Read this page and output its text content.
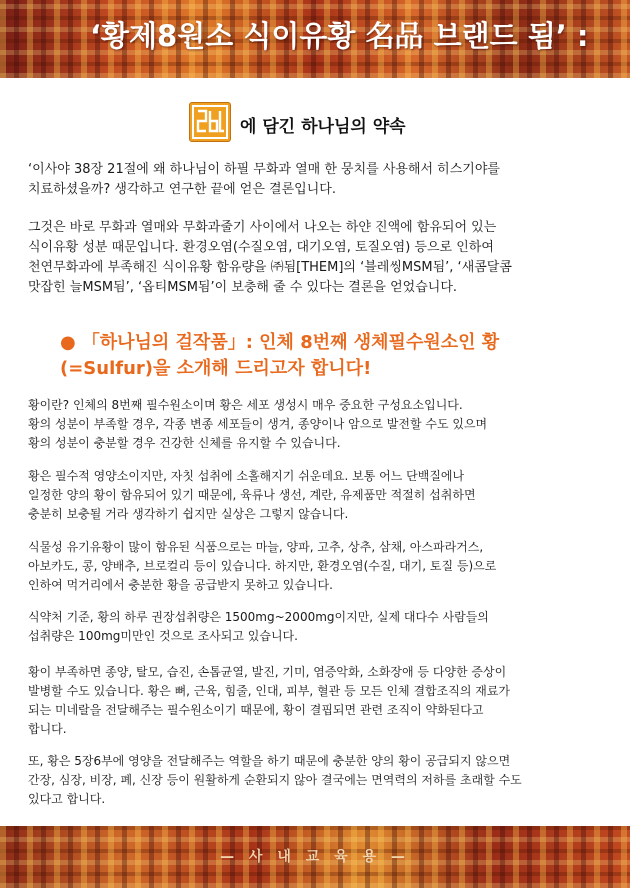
‘황제8원소 식이유황 名品 브랜드 됨’ :
에 담긴 하나님의 약속
‘이사야 38장 21절에 왜 하나님이 하필 무화과 열매 한 뭉치를 사용해서 히스기야를
치료하셨을까? 생각하고 연구한 끝에 얻은 결론입니다.
그것은 바로 무화과 열매와 무화과줄기 사이에서 나오는 하얀 진액에 함유되어 있는
식이유황 성분 때문입니다. 환경오염(수질오염, 대기오염, 토질오염) 등으로 인하여
천연무화과에 부족해진 식이유황 함유량을 ㈜됨[THEM]의 ‘블레씽MSM됨’, ‘새콤달콤
맛잡힌 늘MSM됨’, ‘옵티MSM됨’이 보충해 줄 수 있다는 결론을 얻었습니다.
● 「하나님의 걸작품」: 인체 8번째 생체필수원소인 황
(=Sulfur)을 소개해 드리고자 합니다!
황이란? 인체의 8번째 필수원소이며 황은 세포 생성시 매우 중요한 구성요소입니다.
황의 성분이 부족할 경우, 각종 변종 세포들이 생겨, 종양이나 암으로 발전할 수도 있으며
황의 성분이 충분할 경우 건강한 신체를 유지할 수 있습니다.
황은 필수적 영양소이지만, 자칫 섭취에 소홀해지기 쉬운데요. 보통 어느 단백질에나
일정한 양의 황이 함유되어 있기 때문에, 육류나 생선, 계란, 유제품만 적절히 섭취하면
충분히 보충될 거라 생각하기 쉽지만 실상은 그렇지 않습니다.
식물성 유기유황이 많이 함유된 식품으로는 마늘, 양파, 고추, 상추, 삼채, 아스파라거스,
아보카도, 콩, 양배추, 브로컬리 등이 있습니다. 하지만, 환경오염(수질, 대기, 토질 등)으로
인하여 먹거리에서 충분한 황을 공급받지 못하고 있습니다.
식약처 기준, 황의 하루 권장섭취량은 1500mg~2000mg이지만, 실제 대다수 사람들의
섭취량은 100mg미만인 것으로 조사되고 있습니다.
황이 부족하면 종양, 탈모, 습진, 손톱균열, 발진, 기미, 염증악화, 소화장애 등 다양한 증상이
발병할 수도 있습니다. 황은 뼈, 근육, 힘줄, 인대, 피부, 혈관 등 모든 인체 결합조직의 재료가
되는 미네랄을 전달해주는 필수원소이기 때문에, 황이 결핍되면 관련 조직이 약화된다고
합니다.
또, 황은 5장6부에 영양을 전달해주는 역할을 하기 때문에 충분한 양의 황이 공급되지 않으면
간장, 심장, 비장, 폐, 신장 등이 원활하게 순환되지 않아 결국에는 면역력의 저하를 초래할 수도
있다고 합니다.
— 사 내 교 육 용 —
